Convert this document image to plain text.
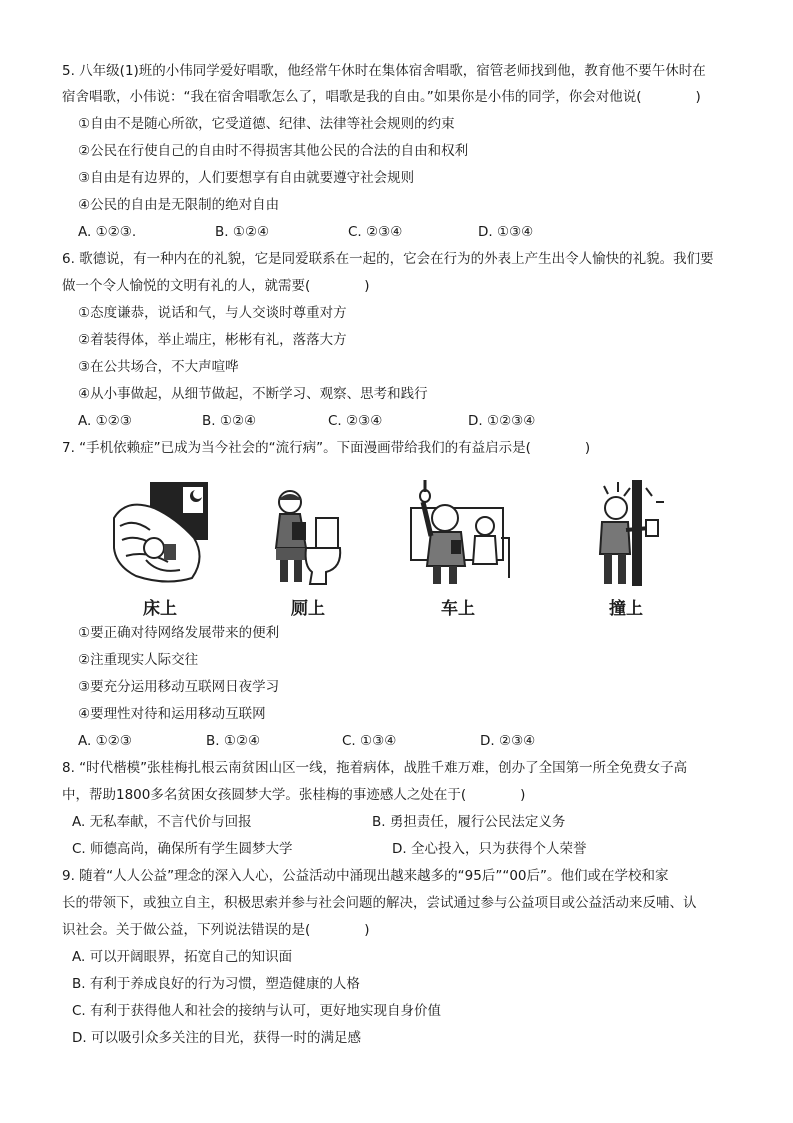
5. 八年级(1)班的小伟同学爱好唱歌，他经常午休时在集体宿舍唱歌，宿管老师找到他，教育他不要午休时在
宿舍唱歌，小伟说：“我在宿舍唱歌怎么了，唱歌是我的自由。”如果你是小伟的同学，你会对他说(　　　　)
①自由不是随心所欲，它受道德、纪律、法律等社会规则的约束
②公民在行使自己的自由时不得损害其他公民的合法的自由和权利
③自由是有边界的，人们要想享有自由就要遵守社会规则
④公民的自由是无限制的绝对自由
A. ①②③.	B. ①②④	C. ②③④	D. ①③④
6. 歌德说，有一种内在的礼貌，它是同爱联系在一起的，它会在行为的外表上产生出令人愉快的礼貌。我们要
做一个令人愉悦的文明有礼的人，就需要(　　　　)
①态度谦恭，说话和气，与人交谈时尊重对方
②着装得体，举止端庄，彬彬有礼，落落大方
③在公共场合，不大声喧哗
④从小事做起，从细节做起，不断学习、观察、思考和践行
A. ①②③	B. ①②④	C. ②③④	D. ①②③④
7. “手机依赖症”已成为当今社会的“流行病”。下面漫画带给我们的有益启示是(　　　　)
床上	厕上	车上	撞上
①要正确对待网络发展带来的便利
②注重现实人际交往
③要充分运用移动互联网日夜学习
④要理性对待和运用移动互联网
A. ①②③	B. ①②④	C. ①③④	D. ②③④
8. “时代楷模”张桂梅扎根云南贫困山区一线，拖着病体，战胜千难万难，创办了全国第一所全免费女子高
中，帮助1800多名贫困女孩圆梦大学。张桂梅的事迹感人之处在于(　　　　)
A. 无私奉献，不言代价与回报	B. 勇担责任，履行公民法定义务
C. 师德高尚，确保所有学生圆梦大学	D. 全心投入，只为获得个人荣誉
9. 随着“人人公益”理念的深入人心，公益活动中涌现出越来越多的“95后”“00后”。他们或在学校和家
长的带领下，或独立自主，积极思索并参与社会问题的解决，尝试通过参与公益项目或公益活动来反哺、认
识社会。关于做公益，下列说法错误的是(　　　　)
A. 可以开阔眼界，拓宽自己的知识面
B. 有利于养成良好的行为习惯，塑造健康的人格
C. 有利于获得他人和社会的接纳与认可，更好地实现自身价值
D. 可以吸引众多关注的目光，获得一时的满足感
